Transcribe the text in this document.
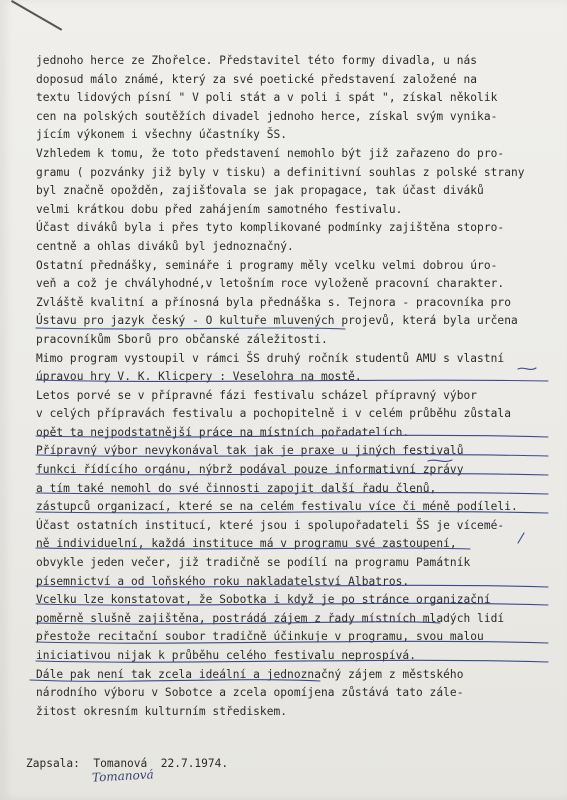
jednoho herce ze Zhořelce. Představitel této formy divadla, u nás
doposud málo známé, který za své poetické představení založené na
textu lidových písní " V poli stát a v poli i spát ", získal několik
cen na polských soutěžích divadel jednoho herce, získal svým vynika-
jícím výkonem i všechny účastníky ŠS.
Vzhledem k tomu, že toto představení nemohlo být již zařazeno do pro-
gramu ( pozvánky již byly v tisku) a definitivní souhlas z polské strany
byl značně opožděn, zajišťovala se jak propagace, tak účast diváků
velmi krátkou dobu před zahájením samotného festivalu.
Účast diváků byla i přes tyto komplikované podmínky zajištěna stopro-
centně a ohlas diváků byl jednoznačný.
Ostatní přednášky, semináře i programy měly vcelku velmi dobrou úro-
veň a což je chvályhodné,v letošním roce vyloženě pracovní charakter.
Zvláště kvalitní a přínosná byla přednáška s. Tejnora - pracovníka pro
Ústavu pro jazyk český - O kultuře mluvených projevů, která byla určena
pracovníkům Sborů pro občanské záležitosti.
Mimo program vystoupil v rámci ŠS druhý ročník studentů AMU s vlastní
úpravou hry V. K. Klicpery : Veselohra na mostě.
Letos porvé se v přípravné fázi festivalu scházel přípravný výbor
v celých přípravách festivalu a pochopitelně i v celém průběhu zůstala
opět ta nejpodstatnější práce na místních pořadatelích.
Přípravný výbor nevykonával tak jak je praxe u jiných festivalů
funkci řídícího orgánu, nýbrž podával pouze informativní zprávy
a tím také nemohl do své činnosti zapojit další řadu členů,
zástupců organizací, které se na celém festivalu více či méně podíleli.
Účast ostatních institucí, které jsou i spolupořadateli ŠS je vícemé-
ně individuelní, každá instituce má v programu své zastoupení,
obvykle jeden večer, již tradičně se podílí na programu Památník
písemnictví a od loňského roku nakladatelství Albatros.
Vcelku lze konstatovat, že Sobotka i když je po stránce organizační
poměrně slušně zajištěna, postrádá zájem z řady místních mladých lidí
přestože recitační soubor tradičně účinkuje v programu, svou malou
iniciativou nijak k průběhu celého festivalu neprospívá.
Dále pak není tak zcela ideální a jednoznačný zájem z městského
národního výboru v Sobotce a zcela opomíjena zůstává tato zále-
žitost okresním kulturním střediskem.
Zapsala: Tomanová 22.7.1974.
Tomanová
